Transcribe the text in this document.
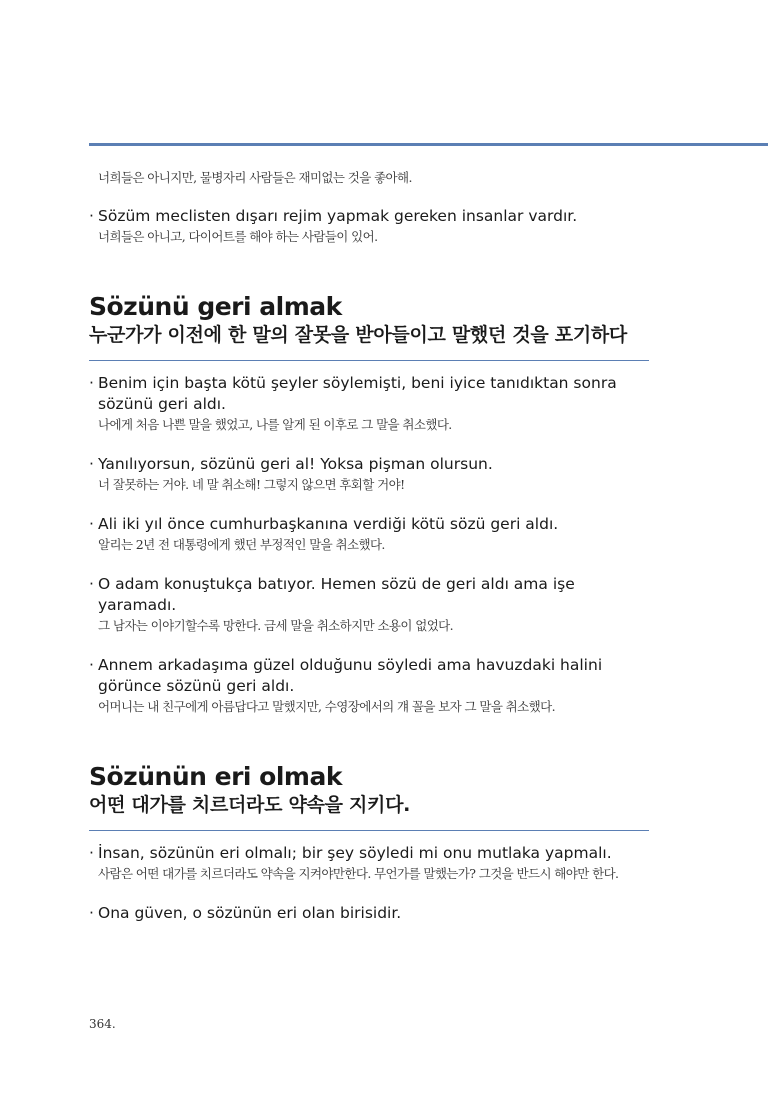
너희들은 아니지만, 물병자리 사람들은 재미없는 것을 좋아해.
· Sözüm meclisten dışarı rejim yapmak gereken insanlar vardır.
너희들은 아니고, 다이어트를 해야 하는 사람들이 있어.
Sözünü geri almak
누군가가 이전에 한 말의 잘못을 받아들이고 말했던 것을 포기하다
· Benim için başta kötü şeyler söylemişti, beni iyice tanıdıktan sonra sözünü geri aldı.
나에게 처음 나쁜 말을 했었고, 나를 알게 된 이후로 그 말을 취소했다.
· Yanılıyorsun, sözünü geri al! Yoksa pişman olursun.
너 잘못하는 거야. 네 말 취소해! 그렇지 않으면 후회할 거야!
· Ali iki yıl önce cumhurbaşkanına verdiği kötü sözü geri aldı.
알리는 2년 전 대통령에게 했던 부정적인 말을 취소했다.
· O adam konuştukça batıyor. Hemen sözü de geri aldı ama işe yaramadı.
그 남자는 이야기할수록 망한다. 금세 말을 취소하지만 소용이 없었다.
· Annem arkadaşıma güzel olduğunu söyledi ama havuzdaki halini görünce sözünü geri aldı.
어머니는 내 친구에게 아름답다고 말했지만, 수영장에서의 걔 꼴을 보자 그 말을 취소했다.
Sözünün eri olmak
어떤 대가를 치르더라도 약속을 지키다.
· İnsan, sözünün eri olmalı; bir şey söyledi mi onu mutlaka yapmalı.
사람은 어떤 대가를 치르더라도 약속을 지켜야만한다. 무언가를 말했는가? 그것을 반드시 해야만 한다.
· Ona güven, o sözünün eri olan birisidir.
364.
